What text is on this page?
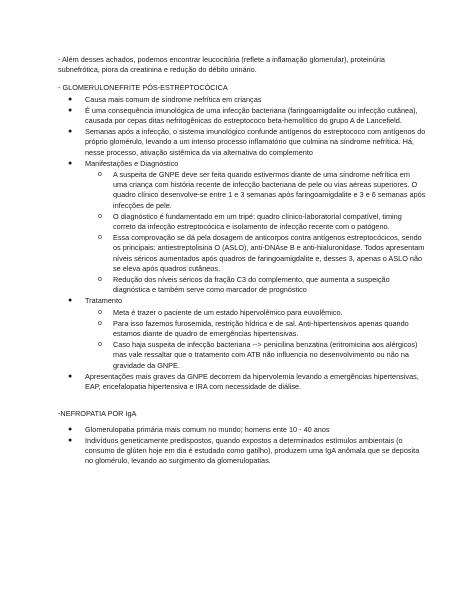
- Além desses achados, podemos encontrar leucocitúria (reflete a inflamação glomerular), proteinúria subnefrótica, piora da creatinina e redução do débito urinário.

- GLOMERULONEFRITE PÓS-ESTREPTOCÓCICA

● Causa mais comum de síndrome nefrítica em crianças
● É uma consequência imunológica de uma infecção bacteriana (faringoamigdalite ou infecção cutânea), causada por cepas ditas nefritogênicas do estreptococo beta-hemolítico do grupo A de Lancefield.
● Semanas após a infecção, o sistema imunológico confunde antígenos do estreptococo com antígenos do próprio glomérulo, levando a um intenso processo inflamatório que culmina na síndrome nefrítica. Há, nesse processo, ativação sistêmica da via alternativa do complemento
● Manifestações e Diagnóstico
o A suspeita de GNPE deve ser feita quando estivermos diante de uma síndrome nefrítica em uma criança com história recente de infecção bacteriana de pele ou vias aéreas superiores. O quadro clínico desenvolve-se entre 1 e 3 semanas após faringoamigdalite e 3 e 6 semanas após infecções de pele.
o O diagnóstico é fundamentado em um tripé: quadro clínico-laboratorial compatível, timing correto da infecção estreptocócica e isolamento de infecção recente com o patógeno.
o Essa comprovação se dá pela dosagem de anticorpos contra antígenos estreptocócicos, sendo os principais: antiestreptolisina O (ASLO), anti-DNAse B e anti-hialuronidase. Todos apresentam níveis séricos aumentados após quadros de faringoamigdalite e, desses 3, apenas o ASLO não se eleva após quadros cutâneos.
o Redução dos níveis séricos da fração C3 do complemento, que aumenta a suspeição diagnóstica e também serve como marcador de prognóstico
● Tratamento
o Meta é trazer o paciente de um estado hipervolêmico para euvolêmico.
o Para isso fazemos furosemida, restrição hídrica e de sal. Anti-hipertensivos apenas quando estamos diante de quadro de emergências hipertensivas.
o Caso haja suspeita de infecção bacteriana --> penicilina benzatina (eritromicina aos alérgicos) mas vale ressaltar que o tratamento com ATB não influencia no desenvolvimento ou não na gravidade da GNPE.
● Apresentações mais graves da GNPE decorrem da hipervolemia levando a emergências hipertensivas, EAP, encefalopatia hipertensiva e IRA com necessidade de diálise.

-NEFROPATIA POR IgA

● Glomerulopatia primária mais comum no mundo; homens ente 10 - 40 anos
● Indivíduos geneticamente predispostos, quando expostos a determinados estímulos ambientais (o consumo de glúten hoje em dia é estudado como gatilho), produzem uma IgA anômala que se deposita no glomérulo, levando ao surgimento da glomerulopatias.
